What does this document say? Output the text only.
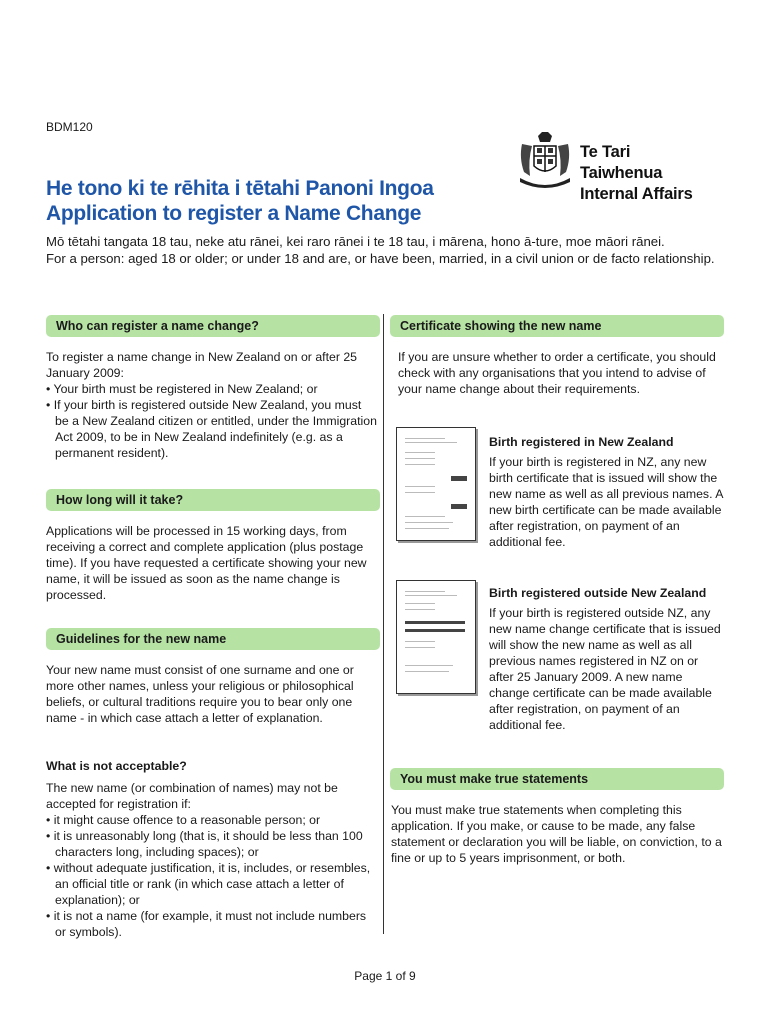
BDM120
Te Tari Taiwhenua
Internal Affairs
He tono ki te rēhita i tētahi Panoni Ingoa
Application to register a Name Change
Mō tētahi tangata 18 tau, neke atu rānei, kei raro rānei i te 18 tau, i mārena, hono ā-ture, moe māori rānei.
For a person: aged 18 or older; or under 18 and are, or have been, married, in a civil union or de facto relationship.
Who can register a name change?

To register a name change in New Zealand on or after 25 January 2009:

• Your birth must be registered in New Zealand; or

• If your birth is registered outside New Zealand, you must be a New Zealand citizen or entitled, under the Immigration Act 2009, to be in New Zealand indefinitely (e.g. as a permanent resident).

How long will it take?
Applications will be processed in 15 working days, from receiving a correct and complete application (plus postage time). If you have requested a certificate showing your new name, it will be issued as soon as the name change is processed.
Guidelines for the new name
Your new name must consist of one surname and one or more other names, unless your religious or philosophical beliefs, or cultural traditions require you to bear only one name - in which case attach a letter of explanation.

What is not acceptable?

The new name (or combination of names) may not be accepted for registration if:

• it might cause offence to a reasonable person; or

• it is unreasonably long (that is, it should be less than 100 characters long, including spaces); or

• without adequate justification, it is, includes, or resembles, an official title or rank (in which case attach a letter of explanation); or

• it is not a name (for example, it must not include numbers or symbols).

Certificate showing the new name
If you are unsure whether to order a certificate, you should check with any organisations that you intend to advise of your name change about their requirements.

Birth registered in New Zealand

If your birth is registered in NZ, any new birth certificate that is issued will show the new name as well as all previous names. A new birth certificate can be made available after registration, on payment of an additional fee.

Birth registered outside New Zealand

If your birth is registered outside NZ, any new name change certificate that is issued will show the new name as well as all previous names registered in NZ on or after 25 January 2009. A new name change certificate can be made available after registration, on payment of an additional fee.

You must make true statements
You must make true statements when completing this application. If you make, or cause to be made, any false statement or declaration you will be liable, on conviction, to a fine or up to 5 years imprisonment, or both.
Page 1 of 9
